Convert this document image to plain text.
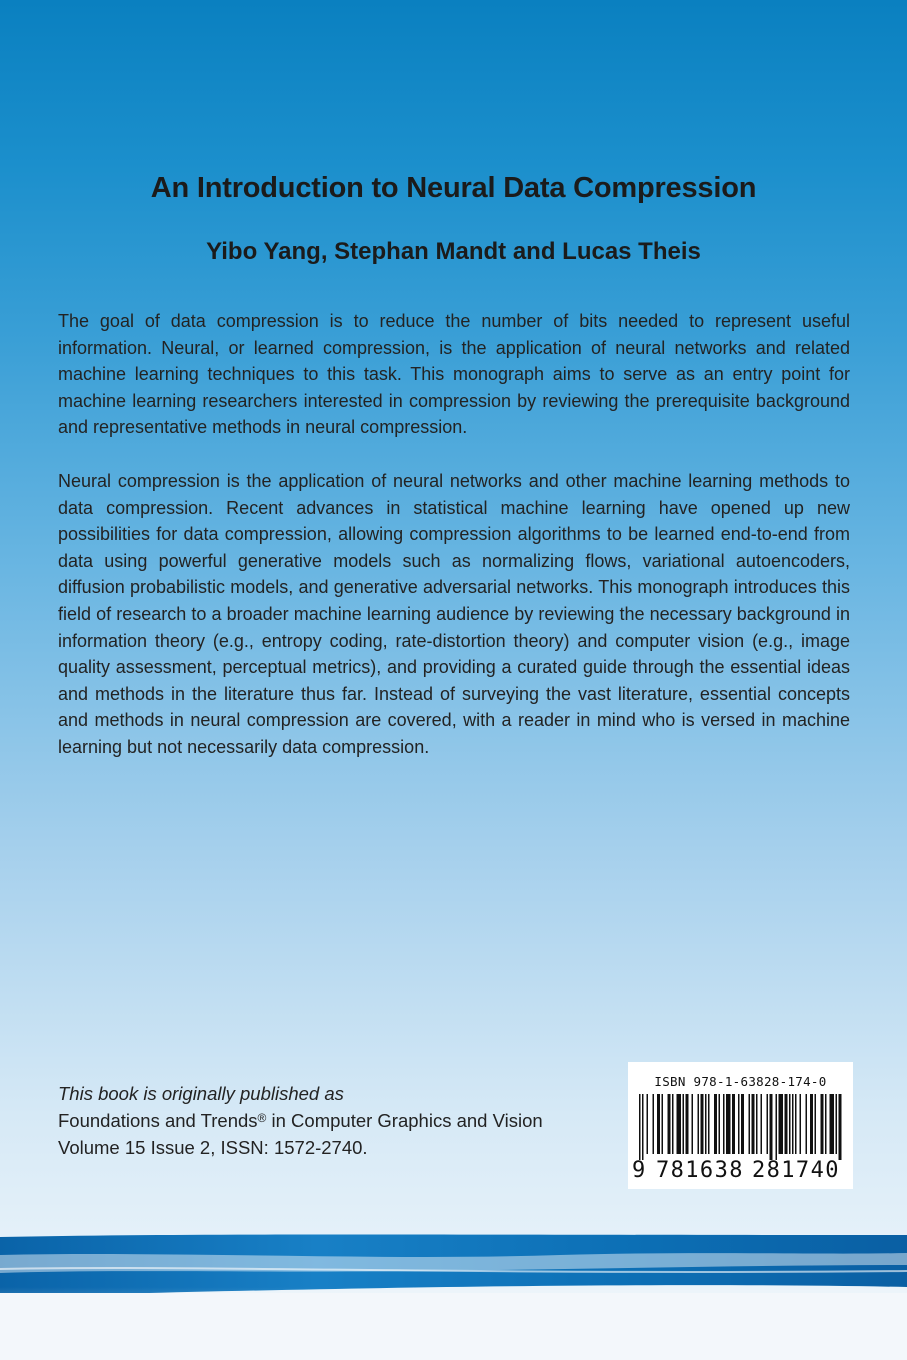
An Introduction to Neural Data Compression
Yibo Yang, Stephan Mandt and Lucas Theis

The goal of data compression is to reduce the number of bits needed to represent useful information. Neural, or learned compression, is the application of neural networks and related machine learning techniques to this task. This monograph aims to serve as an entry point for machine learning researchers interested in compression by reviewing the prerequisite background and representative methods in neural compression.

Neural compression is the application of neural networks and other machine learning methods to data compression. Recent advances in statistical machine learning have opened up new possibilities for data compression, allowing compression algorithms to be learned end-to-end from data using powerful generative models such as normalizing flows, variational autoencoders, diffusion probabilistic models, and generative adversarial networks. This monograph introduces this field of research to a broader machine learning audience by reviewing the necessary background in information theory (e.g., entropy coding, rate-distortion theory) and computer vision (e.g., image quality assessment, perceptual metrics), and providing a curated guide through the essential ideas and methods in the literature thus far. Instead of surveying the vast literature, essential concepts and methods in neural compression are covered, with a reader in mind who is versed in machine learning but not necessarily data compression.

This book is originally published as
Foundations and Trends® in Computer Graphics and Vision
Volume 15 Issue 2, ISSN: 1572-2740.
ISBN 978-1-63828-174-0
9 781638 281740
